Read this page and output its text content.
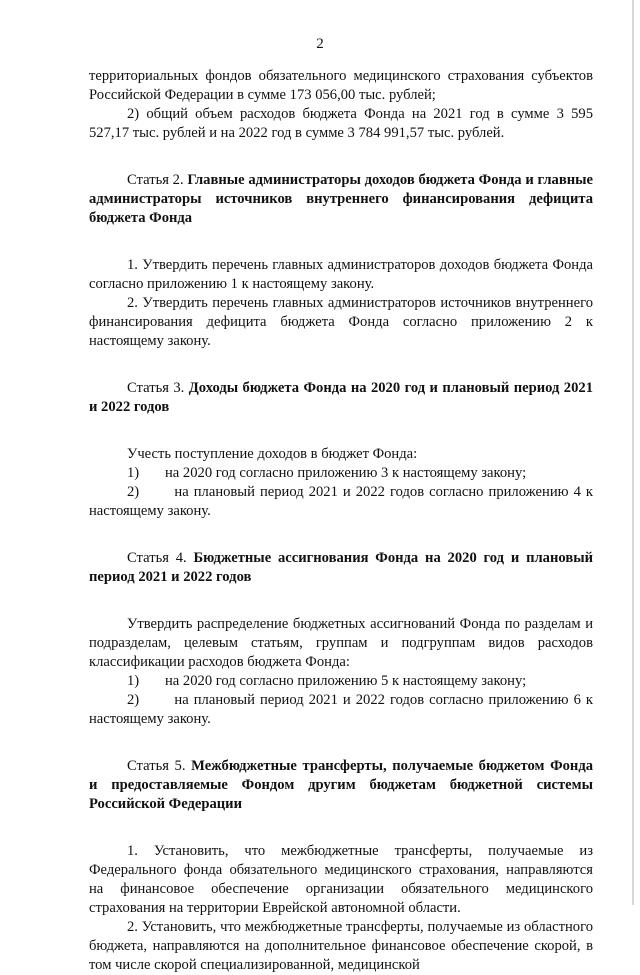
2

территориальных фондов обязательного медицинского страхования субъектов Российской Федерации в сумме 173 056,00 тыс. рублей;

2) общий объем расходов бюджета Фонда на 2021 год в сумме 3 595 527,17 тыс. рублей и на 2022 год в сумме 3 784 991,57 тыс. рублей.

Статья 2. Главные администраторы доходов бюджета Фонда и главные администраторы источников внутреннего финансирования дефицита бюджета Фонда

1. Утвердить перечень главных администраторов доходов бюджета Фонда согласно приложению 1 к настоящему закону.

2. Утвердить перечень главных администраторов источников внутреннего финансирования дефицита бюджета Фонда согласно приложению 2 к настоящему закону.

Статья 3. Доходы бюджета Фонда на 2020 год и плановый период 2021 и 2022 годов

Учесть поступление доходов в бюджет Фонда:

1)	на 2020 год согласно приложению 3 к настоящему закону;

2) на плановый период 2021 и 2022 годов согласно приложению 4 к настоящему закону.

Статья 4. Бюджетные ассигнования Фонда на 2020 год и плановый период 2021 и 2022 годов

Утвердить распределение бюджетных ассигнований Фонда по разделам и подразделам, целевым статьям, группам и подгруппам видов расходов классификации расходов бюджета Фонда:

1)	на 2020 год согласно приложению 5 к настоящему закону;

2) на плановый период 2021 и 2022 годов согласно приложению 6 к настоящему закону.

Статья 5. Межбюджетные трансферты, получаемые бюджетом Фонда и предоставляемые Фондом другим бюджетам бюджетной системы Российской Федерации

1. Установить, что межбюджетные трансферты, получаемые из Федерального фонда обязательного медицинского страхования, направляются на финансовое обеспечение организации обязательного медицинского страхования на территории Еврейской автономной области.

2. Установить, что межбюджетные трансферты, получаемые из областного бюджета, направляются на дополнительное финансовое обеспечение скорой, в том числе скорой специализированной, медицинской
